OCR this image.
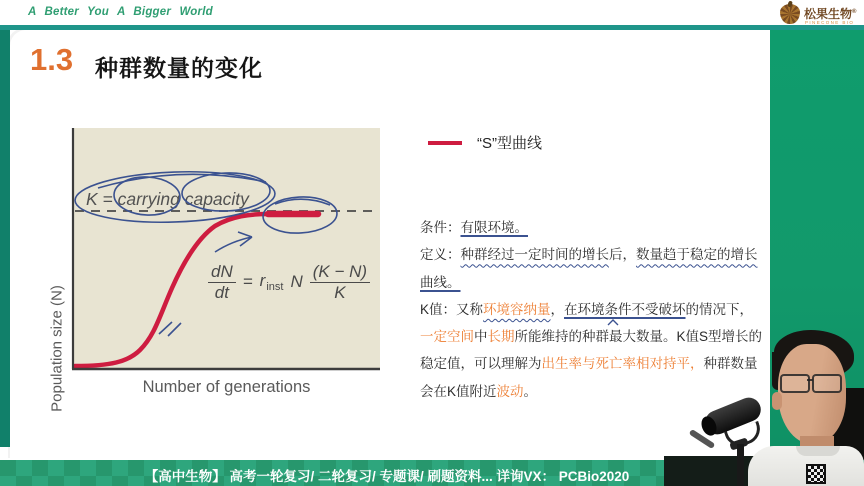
A Better You A Bigger World	松果生物®
PINECONE BIO
1.3 种群数量的变化
K = carrying capacity
Population size (N)	Number of generations
$\frac{dN}{dt} = r_{inst}$ N $\frac{(K - N)}{K}$
“S”型曲线
条件：有限环境。
定义：种群经过一定时间的增长后，数量趋于稳定的增长
曲线。
K值：又称环境容纳量，在环境条件不受破坏的情况下，
一定空间中长期所能维持的种群最大数量。K值S型增长的
稳定值，可以理解为出生率与死亡率相对持平，种群数量
会在K值附近波动。
【高中生物】 高考一轮复习/ 二轮复习/ 专题课/ 刷题资料... 详询VX： PCBio2020
